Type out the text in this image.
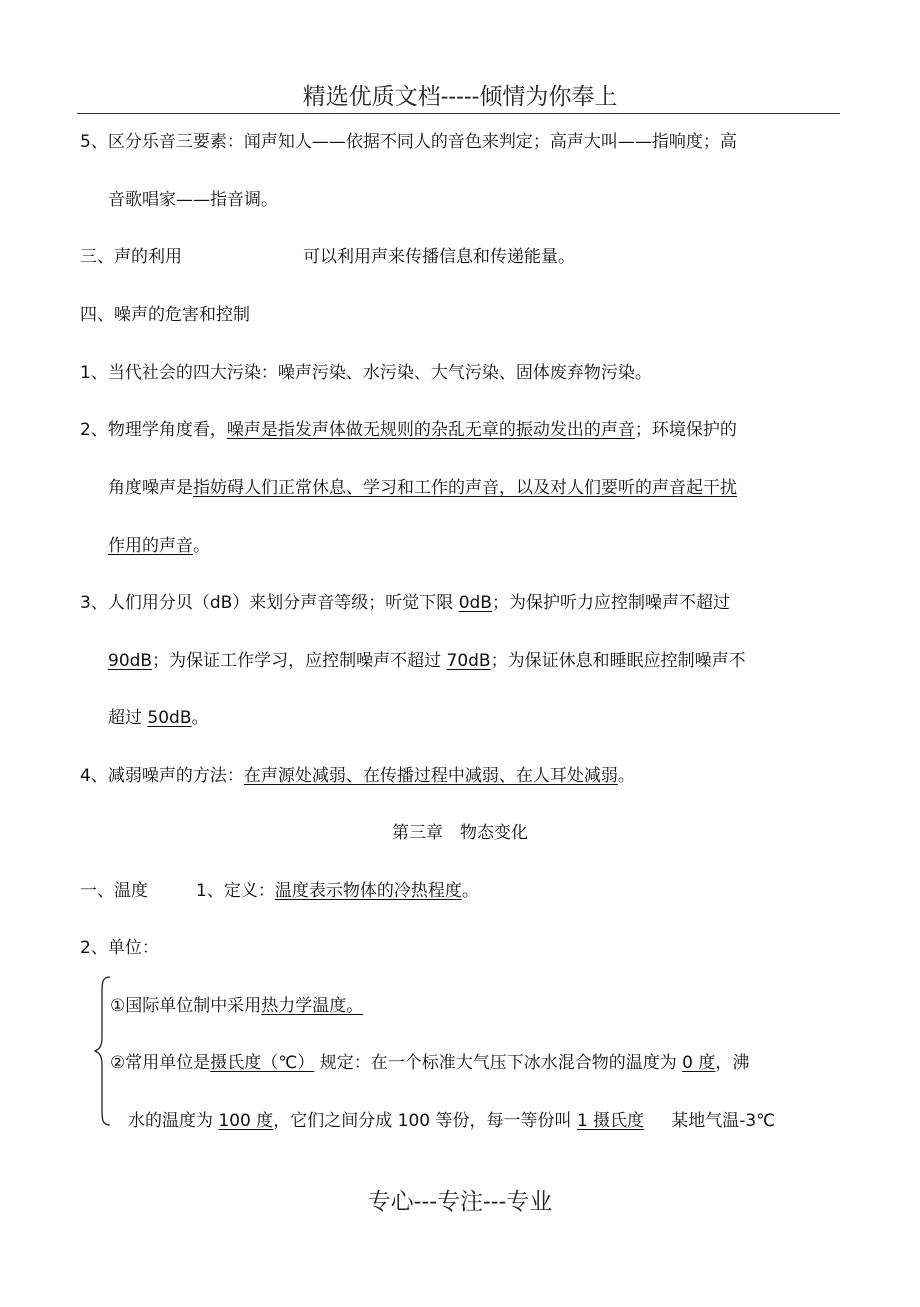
精选优质文档-----倾情为你奉上
5、区分乐音三要素：闻声知人——依据不同人的音色来判定；高声大叫——指响度；高
音歌唱家——指音调。
三、声的利用	可以利用声来传播信息和传递能量。
四、噪声的危害和控制
1、当代社会的四大污染：噪声污染、水污染、大气污染、固体废弃物污染。
2、物理学角度看，噪声是指发声体做无规则的杂乱无章的振动发出的声音；环境保护的
角度噪声是指妨碍人们正常休息、学习和工作的声音，以及对人们要听的声音起干扰
作用的声音。
3、人们用分贝（dB）来划分声音等级；听觉下限 0dB；为保护听力应控制噪声不超过
90dB；为保证工作学习，应控制噪声不超过 70dB；为保证休息和睡眠应控制噪声不
超过 50dB。
4、减弱噪声的方法：在声源处减弱、在传播过程中减弱、在人耳处减弱。
第三章　物态变化
一、温度	1、定义：温度表示物体的冷热程度。
2、单位：
①国际单位制中采用热力学温度。
②常用单位是摄氏度（℃） 规定：在一个标准大气压下冰水混合物的温度为 0 度，沸
水的温度为 100 度，它们之间分成 100 等份，每一等份叫 1 摄氏度     某地气温-3℃
专心---专注---专业
